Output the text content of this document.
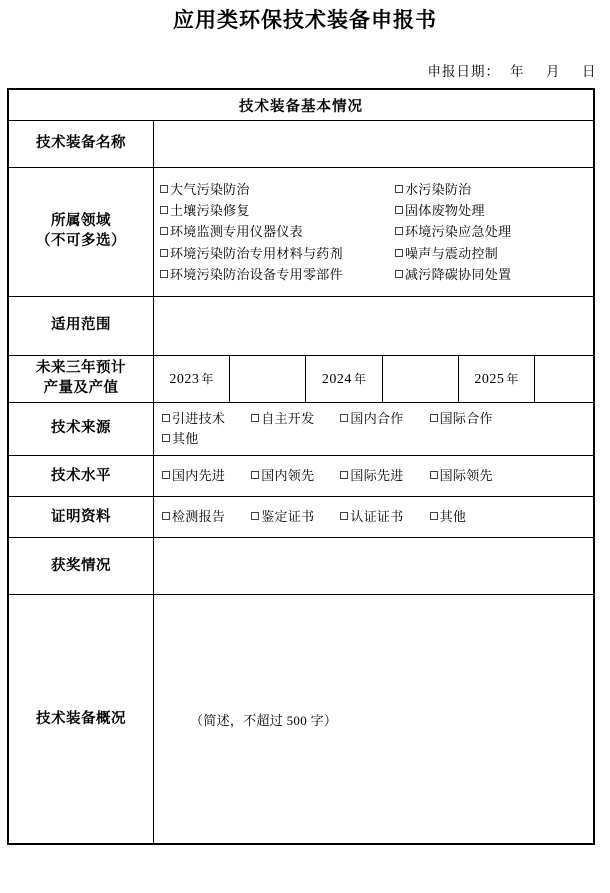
应用类环保技术装备申报书
申报日期： 年 月 日
技术装备基本情况						
技术装备名称						

所属领域
（不可多选）

大气污染防治
土壤污染修复
环境监测专用仪器仪表
环境污染防治专用材料与药剂
环境污染防治设备专用零部件
水污染防治
固体废物处理
环境污染应急处理
噪声与震动控制
减污降碳协同处置

适用范围						

未来三年预计
产量及产值	2023 年		2024 年		2025 年	
技术来源	引进技术 自主开发 国内合作 国际合作
其他					

技术水平	国内先进 国内领先 国际先进 国际领先					

证明资料	检测报告 鉴定证书 认证证书 其他					

获奖情况						
技术装备概况	（简述，不超过 500 字）					
